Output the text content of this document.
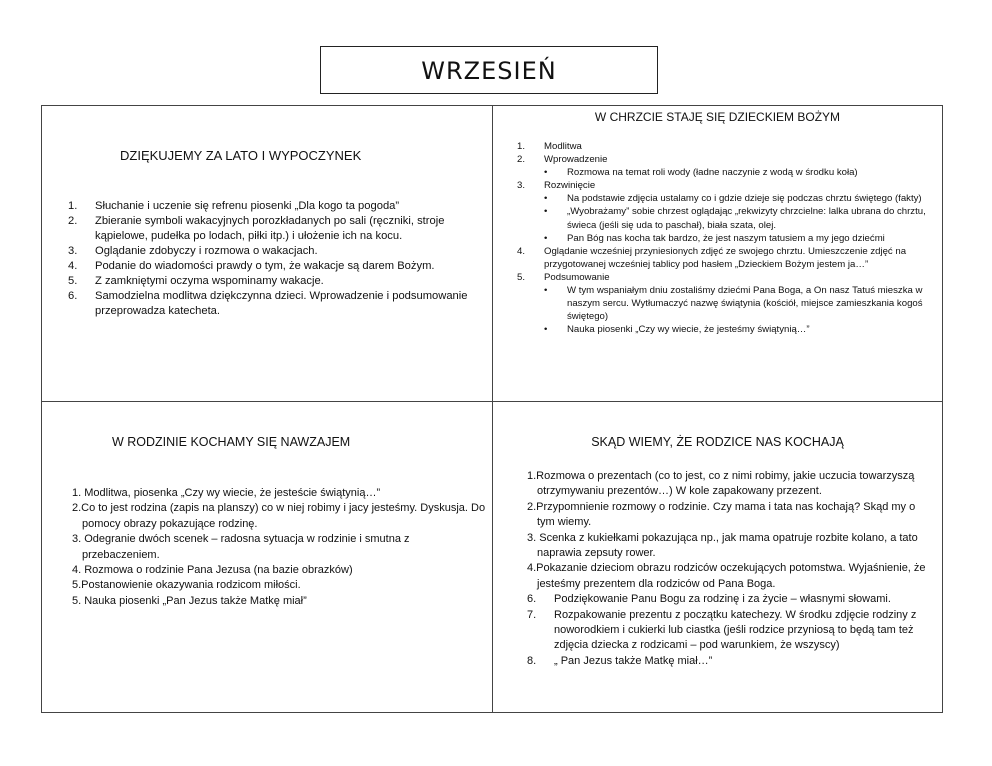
WRZESIEŃ
DZIĘKUJEMY ZA LATO I WYPOCZYNEK
1. Słuchanie i uczenie się refrenu piosenki „Dla kogo ta pogoda”
2. Zbieranie symboli wakacyjnych porozkładanych po sali (ręczniki, stroje kąpielowe, pudełka po lodach, piłki itp.) i ułożenie ich na kocu.
3. Oglądanie zdobyczy i rozmowa o wakacjach.
4. Podanie do wiadomości prawdy o tym, że wakacje są darem Bożym.
5. Z zamkniętymi oczyma wspominamy wakacje.
6. Samodzielna modlitwa dziękczynna dzieci. Wprowadzenie i podsumowanie przeprowadza katecheta.
W CHRZCIE STAJĘ SIĘ DZIECKIEM BOŻYM
1. Modlitwa
2. Wprowadzenie
• Rozmowa na temat roli wody (ładne naczynie z wodą w środku koła)
3. Rozwinięcie
• Na podstawie zdjęcia ustalamy co i gdzie dzieje się podczas chrztu świętego (fakty)
• „Wyobrażamy” sobie chrzest oglądając „rekwizyty chrzcielne: lalka ubrana do chrztu, świeca (jeśli się uda to paschał), biała szata, olej.
• Pan Bóg nas kocha tak bardzo, że jest naszym tatusiem a my jego dziećmi
4. Oglądanie wcześniej przyniesionych zdjęć ze swojego chrztu. Umieszczenie zdjęć na przygotowanej wcześniej tablicy pod hasłem „Dzieckiem Bożym jestem ja…”
5. Podsumowanie
• W tym wspaniałym dniu zostaliśmy dziećmi Pana Boga, a On nasz Tatuś mieszka w naszym sercu. Wytłumaczyć nazwę świątynia (kościół, miejsce zamieszkania kogoś świętego)
• Nauka piosenki „Czy wy wiecie, że jesteśmy świątynią…”
W RODZINIE KOCHAMY SIĘ NAWZAJEM
1. Modlitwa, piosenka „Czy wy wiecie, że jesteście świątynią…”
2.Co to jest rodzina (zapis na planszy) co w niej robimy i jacy jesteśmy. Dyskusja. Do pomocy obrazy pokazujące rodzinę.
3. Odegranie dwóch scenek – radosna sytuacja w rodzinie i smutna z przebaczeniem.
4. Rozmowa o rodzinie Pana Jezusa (na bazie obrazków)
5.Postanowienie okazywania rodzicom miłości.
5. Nauka piosenki „Pan Jezus także Matkę miał”
SKĄD WIEMY, ŻE RODZICE NAS KOCHAJĄ
1.Rozmowa o prezentach (co to jest, co z nimi robimy, jakie uczucia towarzyszą otrzymywaniu prezentów…) W kole zapakowany przezent.
2.Przypomnienie rozmowy o rodzinie. Czy mama i tata nas kochają? Skąd my o tym wiemy.
3. Scenka z kukiełkami pokazująca np., jak mama opatruje rozbite kolano, a tato naprawia zepsuty rower.
4.Pokazanie dzieciom obrazu rodziców oczekujących potomstwa. Wyjaśnienie, że jesteśmy prezentem dla rodziców od Pana Boga.
6. Podziękowanie Panu Bogu za rodzinę i za życie – własnymi słowami.
7. Rozpakowanie prezentu z początku katechezy. W środku zdjęcie rodziny z noworodkiem i cukierki lub ciastka (jeśli rodzice przyniosą to będą tam też zdjęcia dziecka z rodzicami – pod warunkiem, że wszyscy)
8. „ Pan Jezus także Matkę miał…”
